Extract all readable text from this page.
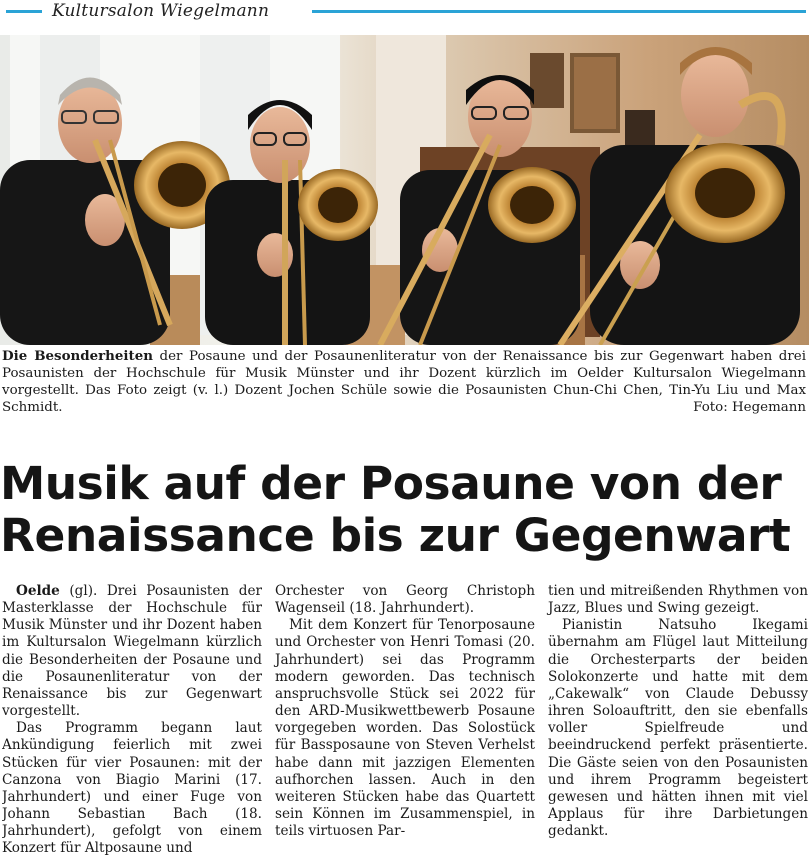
Kultursalon Wiegelmann
Die Besonderheiten der Posaune und der Posaunenliteratur von der Renaissance bis zur Gegenwart haben drei Posaunisten der Hochschule für Musik Münster und ihr Dozent kürzlich im Oelder Kultursalon Wiegelmann vorgestellt. Das Foto zeigt (v. l.) Dozent Jochen Schüle sowie die Posaunisten Chun-Chi Chen, Tin-Yu Liu und Max Schmidt.	Foto: Hegemann
Musik auf der Posaune von der
Renaissance bis zur Gegenwart

Oelde (gl). Drei Posaunisten der Masterklasse der Hochschule für Musik Münster und ihr Dozent haben im Kultursalon Wiegelmann kürzlich die Besonderheiten der Posaune und die Posaunenliteratur von der Renaissance bis zur Gegenwart vorgestellt.

Das Programm begann laut Ankündigung feierlich mit zwei Stücken für vier Posaunen: mit der Canzona von Biagio Marini (17. Jahrhundert) und einer Fuge von Johann Sebastian Bach (18. Jahrhundert), gefolgt von einem Konzert für Altposaune und

Orchester von Georg Christoph Wagenseil (18. Jahrhundert).

Mit dem Konzert für Tenorposaune und Orchester von Henri Tomasi (20. Jahrhundert) sei das Programm modern geworden. Das technisch anspruchsvolle Stück sei 2022 für den ARD-Musikwettbewerb Posaune vorgegeben worden. Das Solostück für Bassposaune von Steven Verhelst habe dann mit jazzigen Elementen aufhorchen lassen. Auch in den weiteren Stücken habe das Quartett sein Können im Zusammenspiel, in teils virtuosen Par-

tien und mitreißenden Rhythmen von Jazz, Blues und Swing gezeigt.

Pianistin Natsuho Ikegami übernahm am Flügel laut Mitteilung die Orchesterparts der beiden Solokonzerte und hatte mit dem „Cakewalk“ von Claude Debussy ihren Soloauftritt, den sie ebenfalls voller Spielfreude und beeindruckend perfekt präsentierte. Die Gäste seien von den Posaunisten und ihrem Programm begeistert gewesen und hätten ihnen mit viel Applaus für ihre Darbietungen gedankt.
